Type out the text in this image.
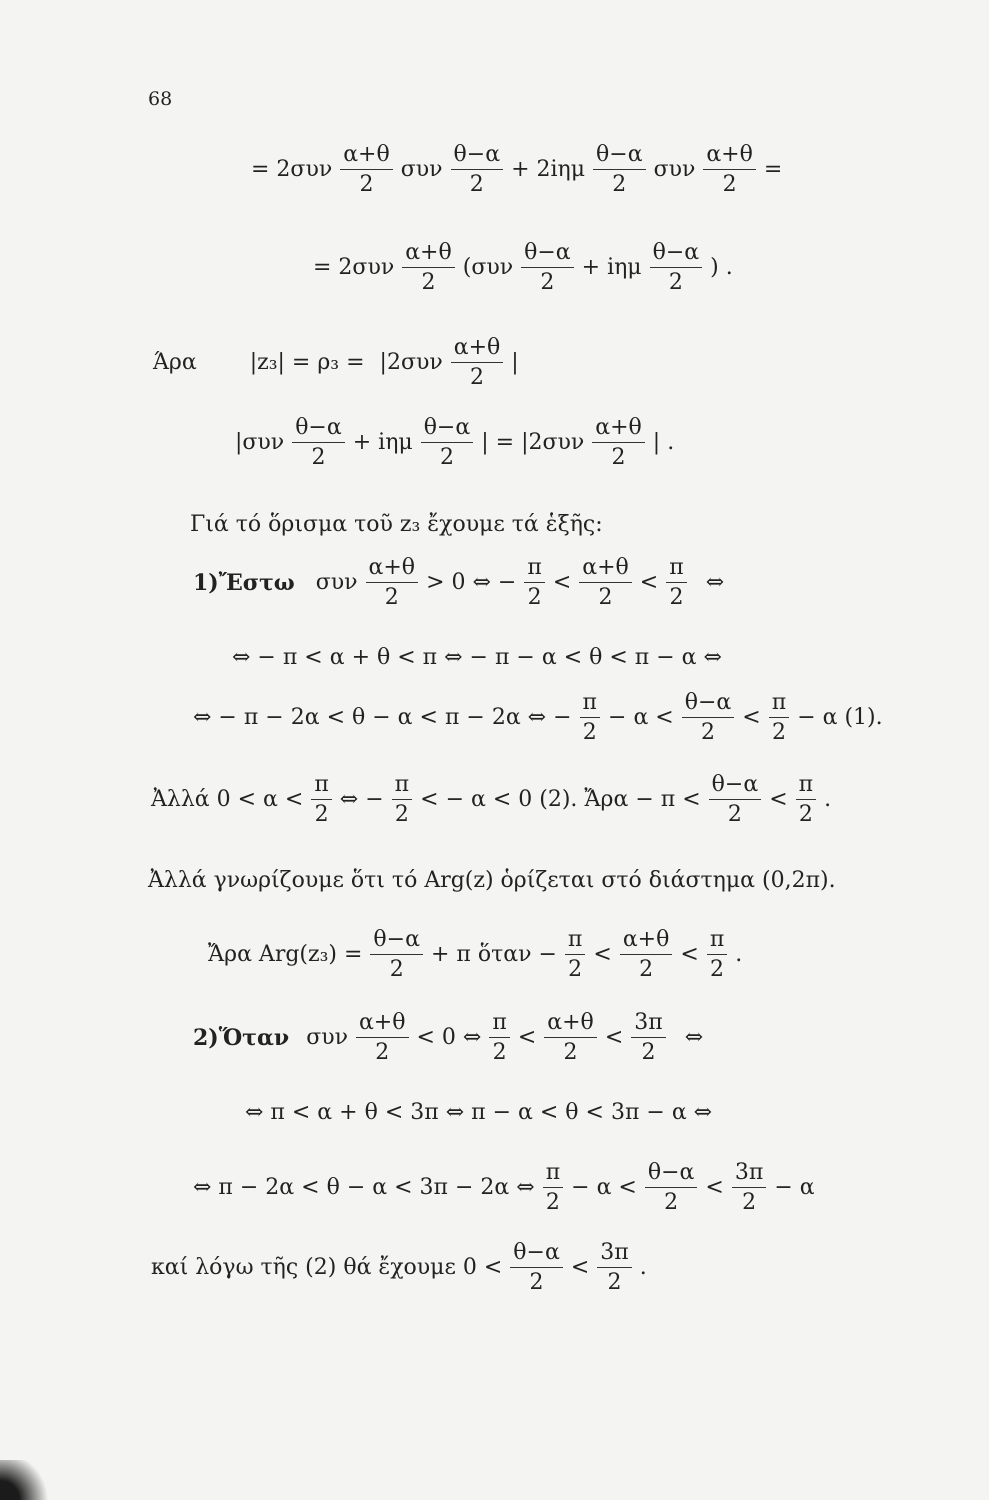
68
= $2\sigma\upsilon\nu \frac{\alpha+\theta}{2}$ συν $\frac{\theta-\alpha}{2} + 2i\eta\mu \frac{\theta-\alpha}{2}$ συν $\frac{\alpha+\theta}{2}$ =
= $2\sigma\upsilon\nu \frac{\alpha+\theta}{2} (\sigma\upsilon\nu \frac{\theta-\alpha}{2} + i\eta\mu \frac{\theta-\alpha}{2}$ ) .
Άρα $|z_3| = \rho_3 = |2\sigma\upsilon\nu \frac{\alpha+\theta}{2}$ |
$|\sigma\upsilon\nu \frac{\theta-\alpha}{2} + i\eta\mu \frac{\theta-\alpha}{2}$ | = $|2\sigma\upsilon\nu \frac{\alpha+\theta}{2}$ | .
Γιά τό ὅρισμα τοῦ z₃ ἔχουμε τά ἑξῆς:
1)Ἔστω συν $\frac{\alpha+\theta}{2} > 0$ ⇔ − $\frac{\pi}{2} < \frac{\alpha+\theta}{2} < \frac{\pi}{2}$ ⇔
⇔ − π < α + θ < π ⇔ − π − α < θ < π − α ⇔
⇔ − π − 2α < θ − α < π − 2α ⇔ − $\frac{\pi}{2} - \alpha < \frac{\theta-\alpha}{2} < \frac{\pi}{2} - \alpha$ (1).
Ἀλλά $0 < \alpha < \frac{\pi}{2}$ ⇔ − $\frac{\pi}{2}$ < − α < 0 (2). Ἄρα − $\pi < \frac{\theta-\alpha}{2} < \frac{\pi}{2}$ .
Ἀλλά γνωρίζουμε ὅτι τό Arg(z) ὁρίζεται στό διάστημα (0,2π).
Ἄρα $Arg(z_3) = \frac{\theta-\alpha}{2} + \pi$ ὅταν − $\frac{\pi}{2} < \frac{\alpha+\theta}{2} < \frac{\pi}{2}$ .
2)Ὅταν συν $\frac{\alpha+\theta}{2} < 0$ ⇔ $\frac{\pi}{2} < \frac{\alpha+\theta}{2} < \frac{3\pi}{2}$ ⇔
⇔ π < α + θ < 3π ⇔ π − α < θ < 3π − α ⇔
⇔ π − 2α < θ − α < 3π − 2α ⇔ $\frac{\pi}{2} - \alpha < \frac{\theta-\alpha}{2} < \frac{3\pi}{2} - \alpha$
καί λόγω τῆς (2) θά ἔχουμε $0 < \frac{\theta-\alpha}{2} < \frac{3\pi}{2}$ .
